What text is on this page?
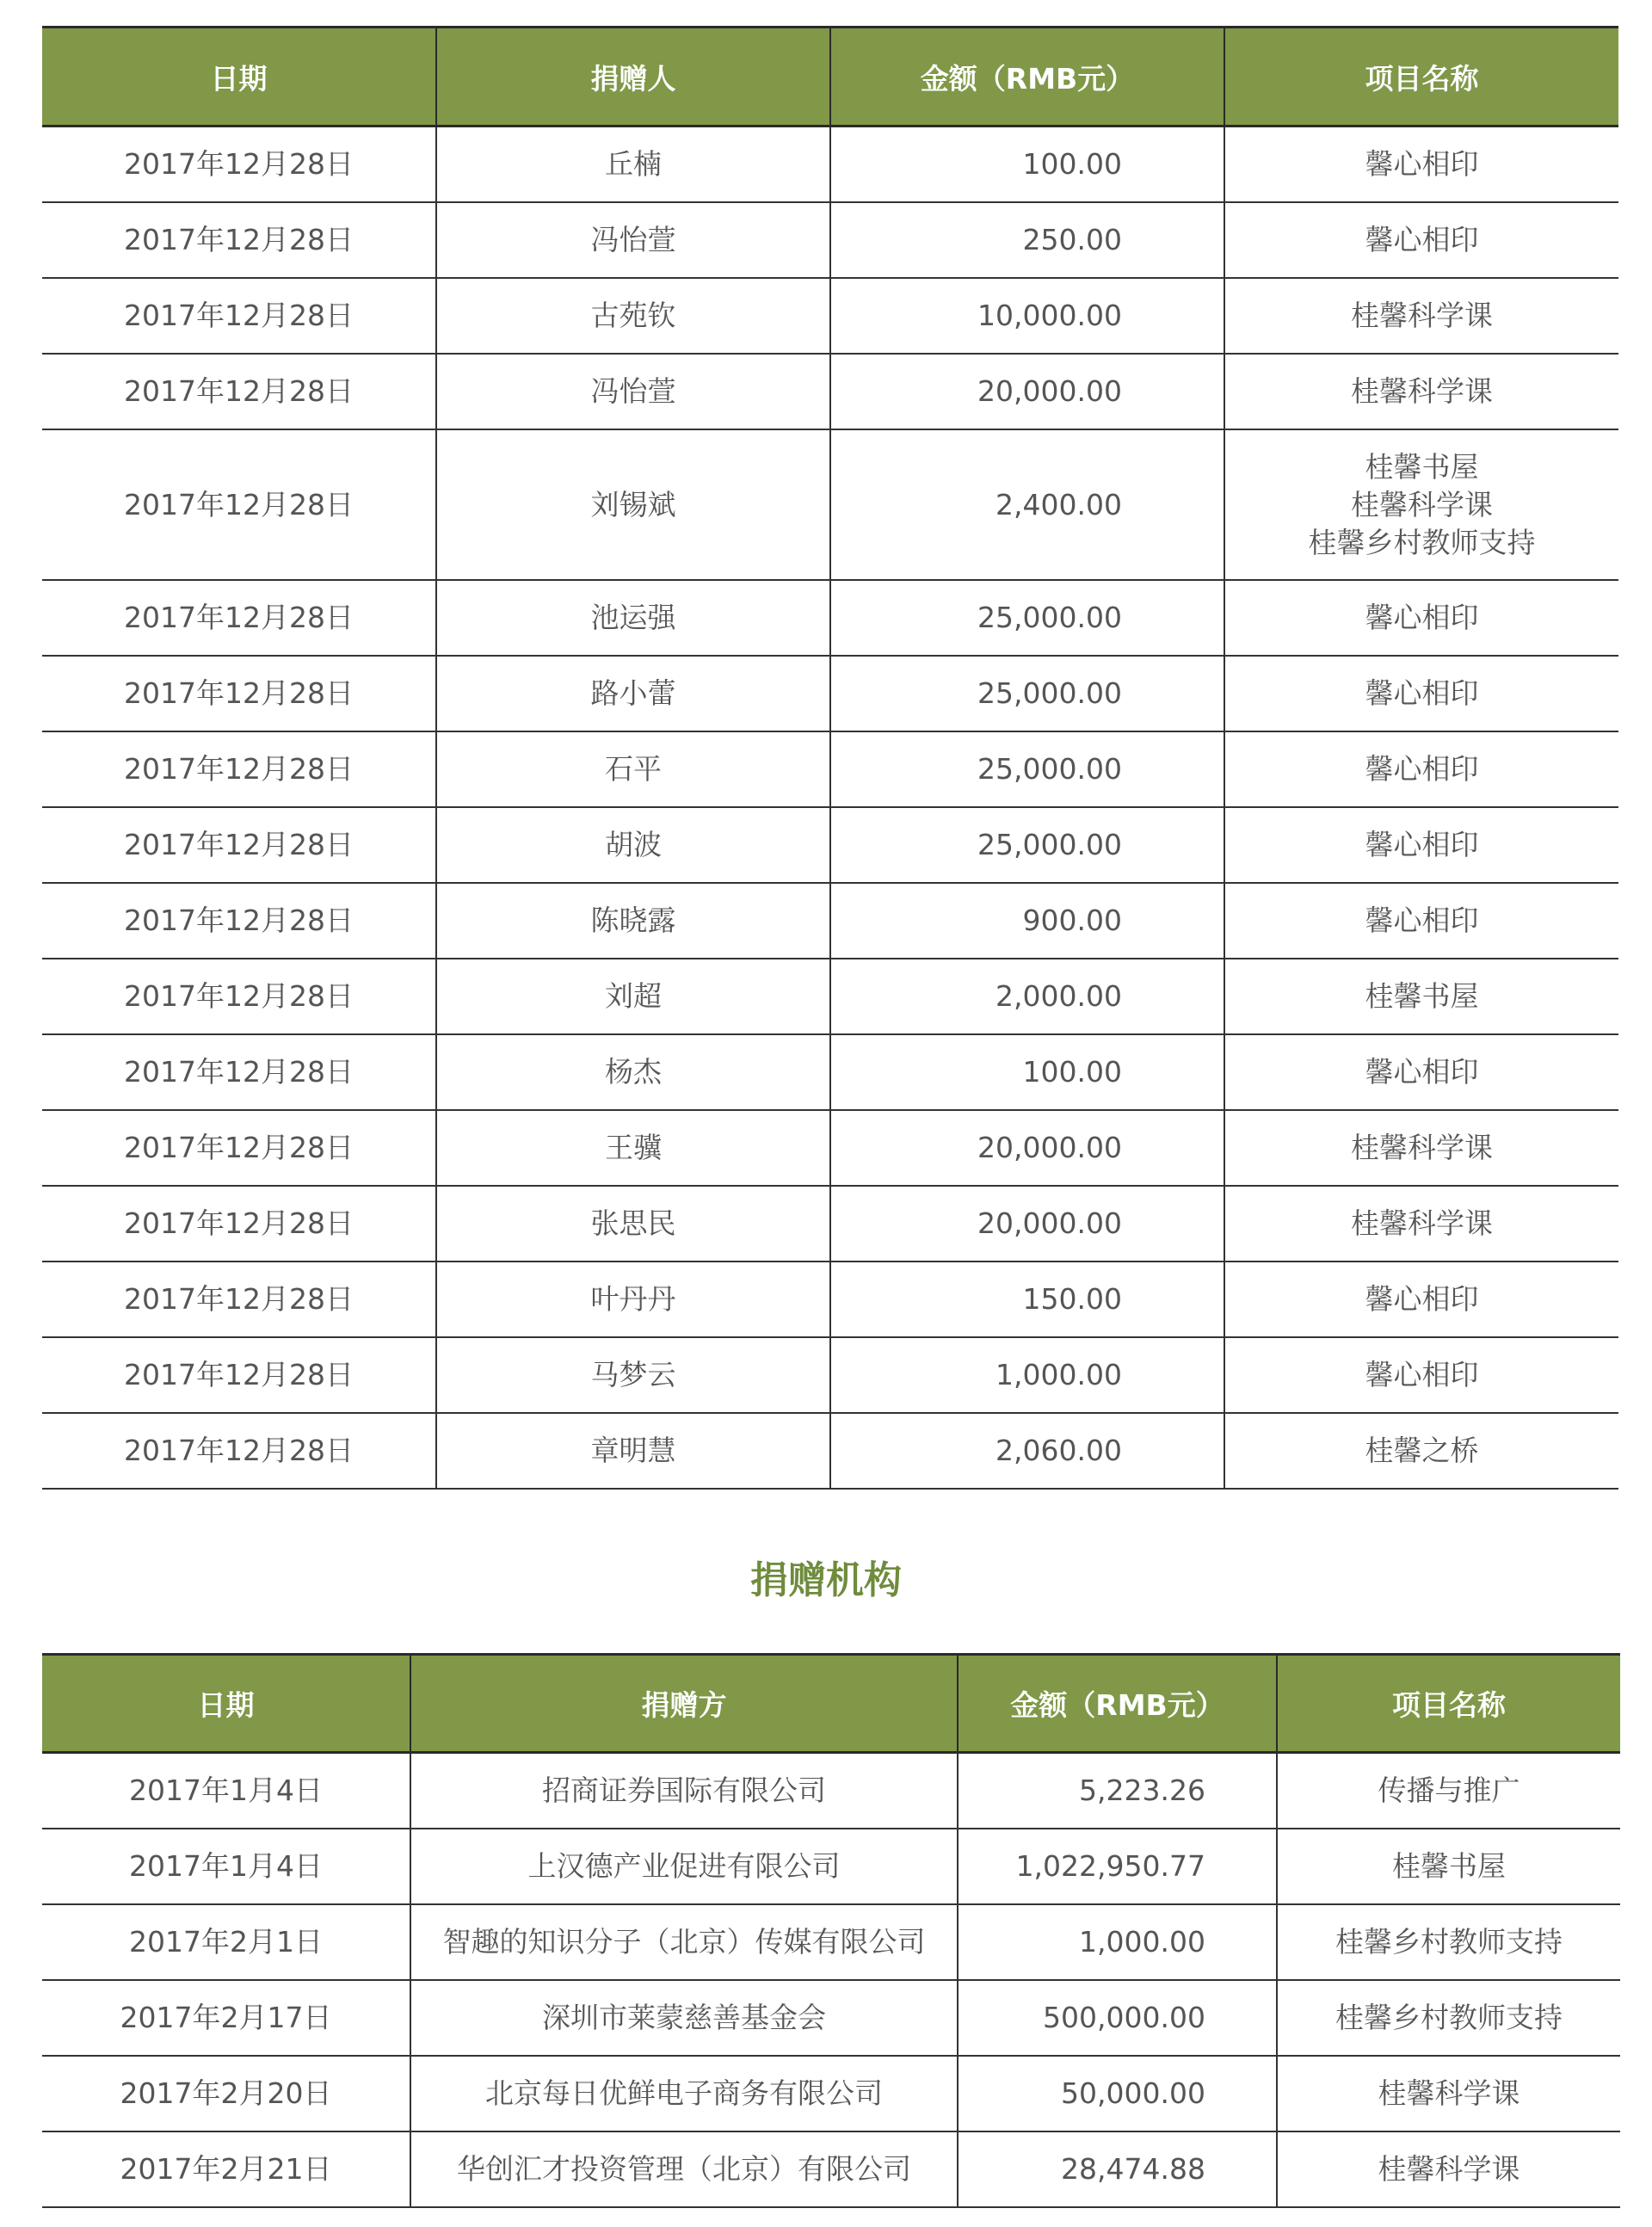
日期	捐赠人	金额（RMB元）	项目名称
2017年12月28日	丘楠	100.00	馨心相印

2017年12月28日	冯怡萱	250.00	馨心相印

2017年12月28日	古苑钦	10,000.00	桂馨科学课

2017年12月28日	冯怡萱	20,000.00	桂馨科学课

2017年12月28日	刘锡斌	2,400.00	桂馨书屋
桂馨科学课
桂馨乡村教师支持

2017年12月28日	池运强	25,000.00	馨心相印

2017年12月28日	路小蕾	25,000.00	馨心相印

2017年12月28日	石平	25,000.00	馨心相印

2017年12月28日	胡波	25,000.00	馨心相印

2017年12月28日	陈晓露	900.00	馨心相印

2017年12月28日	刘超	2,000.00	桂馨书屋

2017年12月28日	杨杰	100.00	馨心相印

2017年12月28日	王骥	20,000.00	桂馨科学课

2017年12月28日	张思民	20,000.00	桂馨科学课

2017年12月28日	叶丹丹	150.00	馨心相印

2017年12月28日	马梦云	1,000.00	馨心相印

2017年12月28日	章明慧	2,060.00	桂馨之桥
捐赠机构
日期	捐赠方	金额（RMB元）	项目名称
2017年1月4日	招商证券国际有限公司	5,223.26	传播与推广

2017年1月4日	上汉德产业促进有限公司	1,022,950.77	桂馨书屋

2017年2月1日	智趣的知识分子（北京）传媒有限公司	1,000.00	桂馨乡村教师支持

2017年2月17日	深圳市莱蒙慈善基金会	500,000.00	桂馨乡村教师支持

2017年2月20日	北京每日优鲜电子商务有限公司	50,000.00	桂馨科学课

2017年2月21日	华创汇才投资管理（北京）有限公司	28,474.88	桂馨科学课
